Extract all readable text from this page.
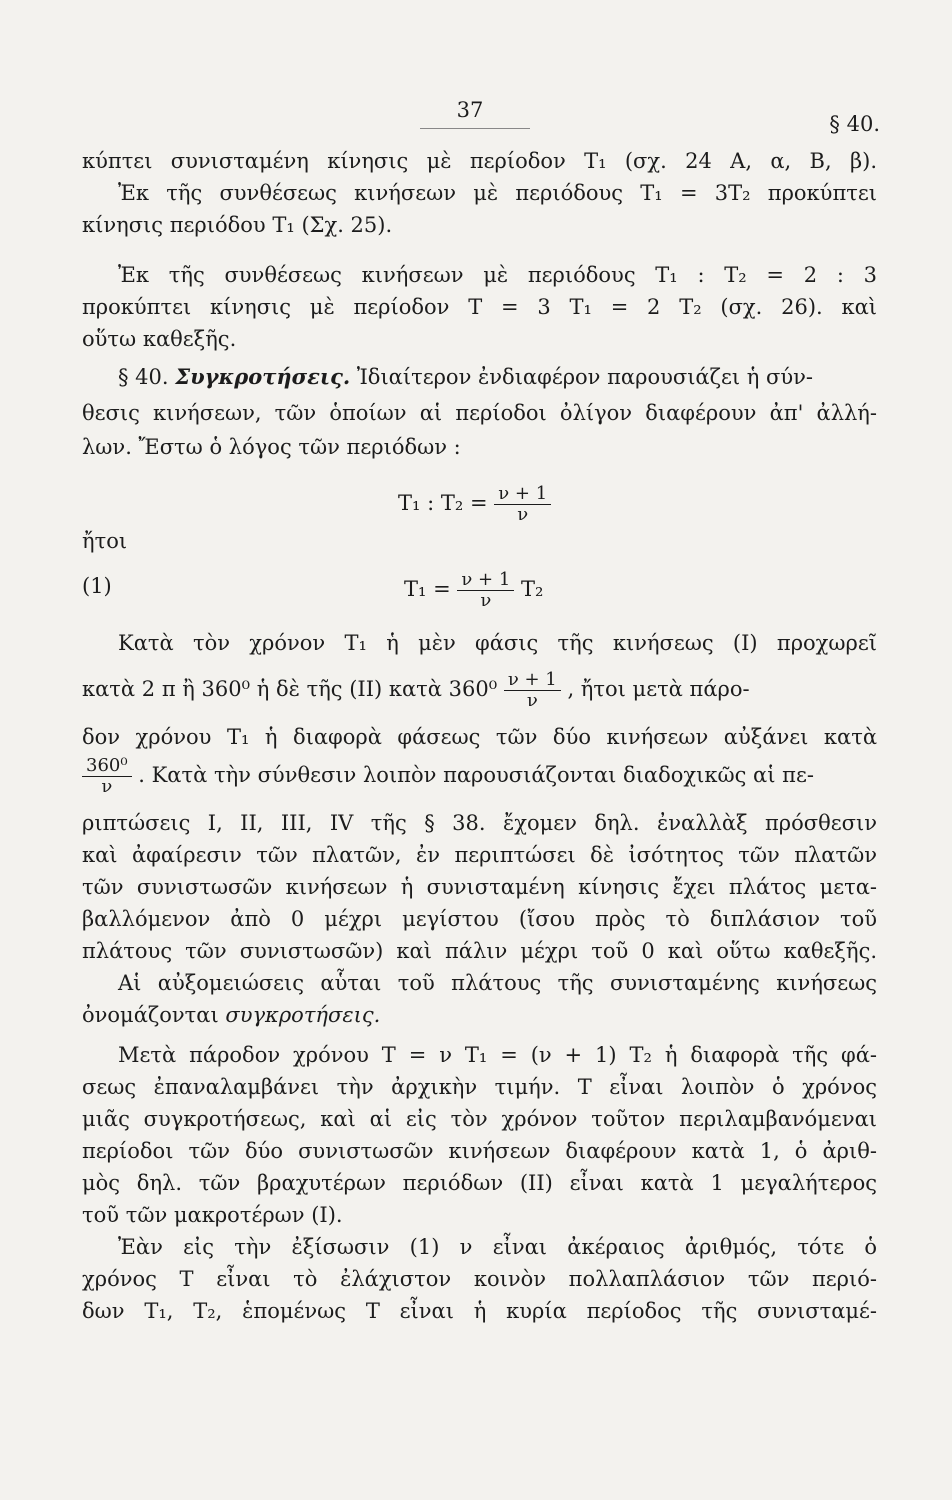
37
§ 40.
κύπτει συνισταμένη κίνησις μὲ περίοδον T₁ (σχ. 24 A, α, B, β).
Ἐκ τῆς συνθέσεως κινήσεων μὲ περιόδους T₁ = 3T₂ προκύπτει
κίνησις περιόδου T₁ (Σχ. 25).
Ἐκ τῆς συνθέσεως κινήσεων μὲ περιόδους T₁ : T₂ = 2 : 3
προκύπτει κίνησις μὲ περίοδον T = 3 T₁ = 2 T₂ (σχ. 26). καὶ
οὕτω καθεξῆς.
§ 40. Συγκροτήσεις. Ἰδιαίτερον ἐνδιαφέρον παρουσιάζει ἡ σύν-
θεσις κινήσεων, τῶν ὁποίων αἱ περίοδοι ὀλίγον διαφέρουν ἀπ' ἀλλή-
λων. Ἔστω ὁ λόγος τῶν περιόδων :
T₁ : $T_2 = \frac{\nu + 1}{\nu}$
ἤτοι
(1)	$T_1 = \frac{\nu + 1}{\nu} T_2$
Κατὰ τὸν χρόνον T₁ ἡ μὲν φάσις τῆς κινήσεως (I) προχωρεῖ
κατὰ 2 π ἢ 360⁰ ἡ δὲ τῆς (II) κατὰ $360^0 \frac{\nu + 1}{\nu}$ , ἤτοι μετὰ πάρο-
δον χρόνου T₁ ἡ διαφορὰ φάσεως τῶν δύο κινήσεων αὐξάνει κατὰ
$\frac{\text{360⁰}}{\nu}$ . Κατὰ τὴν σύνθεσιν λοιπὸν παρουσιάζονται διαδοχικῶς αἱ πε-
ριπτώσεις I, II, III, IV τῆς § 38. ἔχομεν δηλ. ἐναλλὰξ πρόσθεσιν
καὶ ἀφαίρεσιν τῶν πλατῶν, ἐν περιπτώσει δὲ ἰσότητος τῶν πλατῶν
τῶν συνιστωσῶν κινήσεων ἡ συνισταμένη κίνησις ἔχει πλάτος μετα-
βαλλόμενον ἀπὸ 0 μέχρι μεγίστου (ἴσου πρὸς τὸ διπλάσιον τοῦ
πλάτους τῶν συνιστωσῶν) καὶ πάλιν μέχρι τοῦ 0 καὶ οὕτω καθεξῆς.
Αἱ αὐξομειώσεις αὗται τοῦ πλάτους τῆς συνισταμένης κινήσεως
ὀνομάζονται συγκροτήσεις.
Μετὰ πάροδον χρόνου T = ν T₁ = (ν + 1) T₂ ἡ διαφορὰ τῆς φά-
σεως ἐπαναλαμβάνει τὴν ἀρχικὴν τιμήν. T εἶναι λοιπὸν ὁ χρόνος
μιᾶς συγκροτήσεως, καὶ αἱ εἰς τὸν χρόνον τοῦτον περιλαμβανόμεναι
περίοδοι τῶν δύο συνιστωσῶν κινήσεων διαφέρουν κατὰ 1, ὁ ἀριθ-
μὸς δηλ. τῶν βραχυτέρων περιόδων (II) εἶναι κατὰ 1 μεγαλήτερος
τοῦ τῶν μακροτέρων (I).
Ἐὰν εἰς τὴν ἐξίσωσιν (1) ν εἶναι ἀκέραιος ἀριθμός, τότε ὁ
χρόνος T εἶναι τὸ ἐλάχιστον κοινὸν πολλαπλάσιον τῶν περιό-
δων T₁, T₂, ἑπομένως T εἶναι ἡ κυρία περίοδος τῆς συνισταμέ-
